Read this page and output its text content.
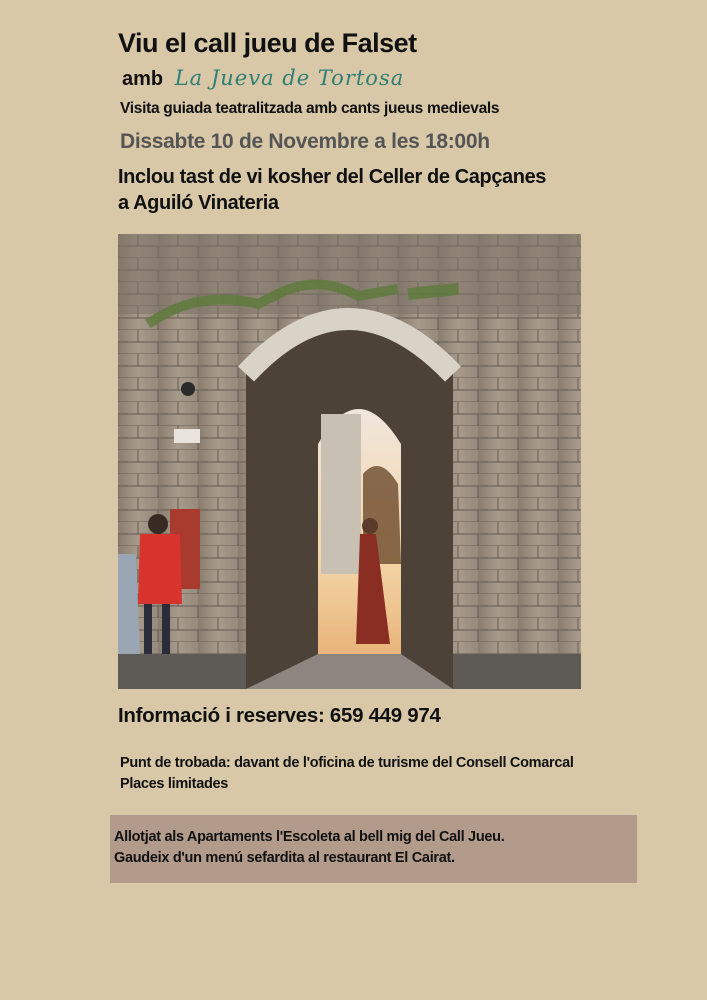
Viu el call jueu de Falset
amb La Jueva de Tortosa

Visita guiada teatralitzada amb cants jueus medievals

Dissabte 10 de Novembre a les 18:00h

Inclou tast de vi kosher del Celler de Capçanes

a Aguiló Vinateria

Informació i reserves: 659 449 974

Punt de trobada: davant de l'oficina de turisme del Consell Comarcal

Places limitades

Allotjat als Apartaments l'Escoleta al bell mig del Call Jueu.

Gaudeix d'un menú sefardita al restaurant El Cairat.
